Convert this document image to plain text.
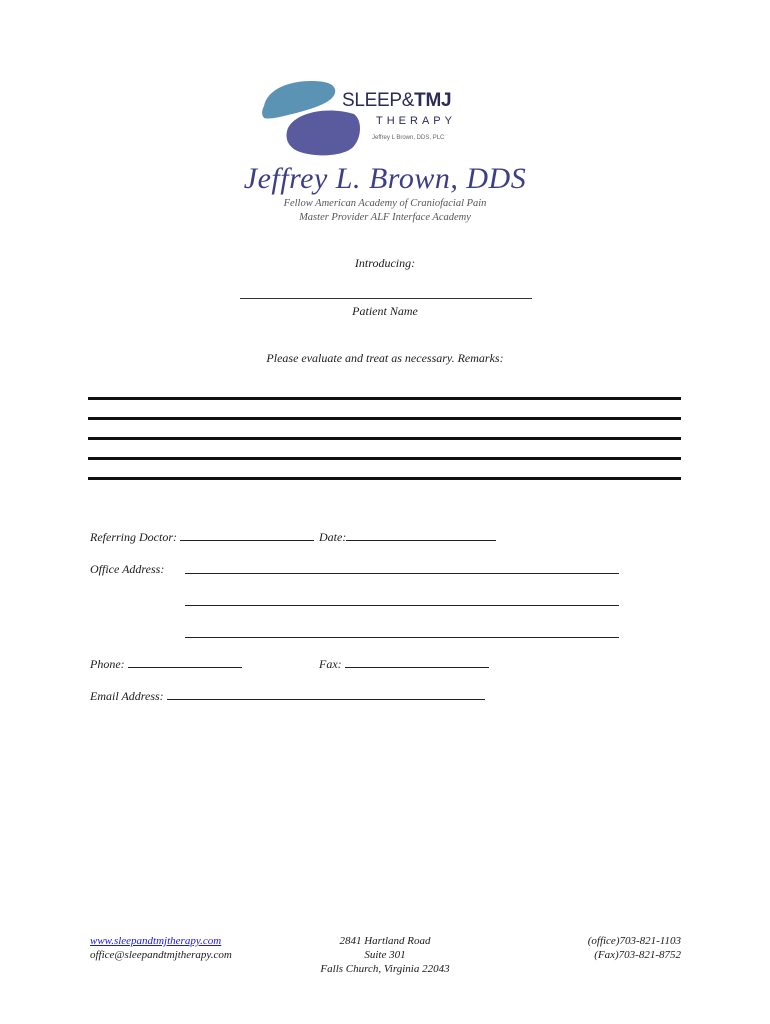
SLEEP&TMJ
THERAPY
Jeffrey L Brown, DDS, PLC
Jeffrey L. Brown, DDS
Fellow American Academy of Craniofacial Pain
Master Provider ALF Interface Academy
Introducing:
Patient Name
Please evaluate and treat as necessary. Remarks:
Referring Doctor:	Date:
Office Address:
Phone:	Fax:
Email Address:
www.sleepandtmjtherapy.com
office@sleepandtmjtherapy.com
2841 Hartland Road
Suite 301
Falls Church, Virginia 22043
(office)703-821-1103
(Fax)703-821-8752
